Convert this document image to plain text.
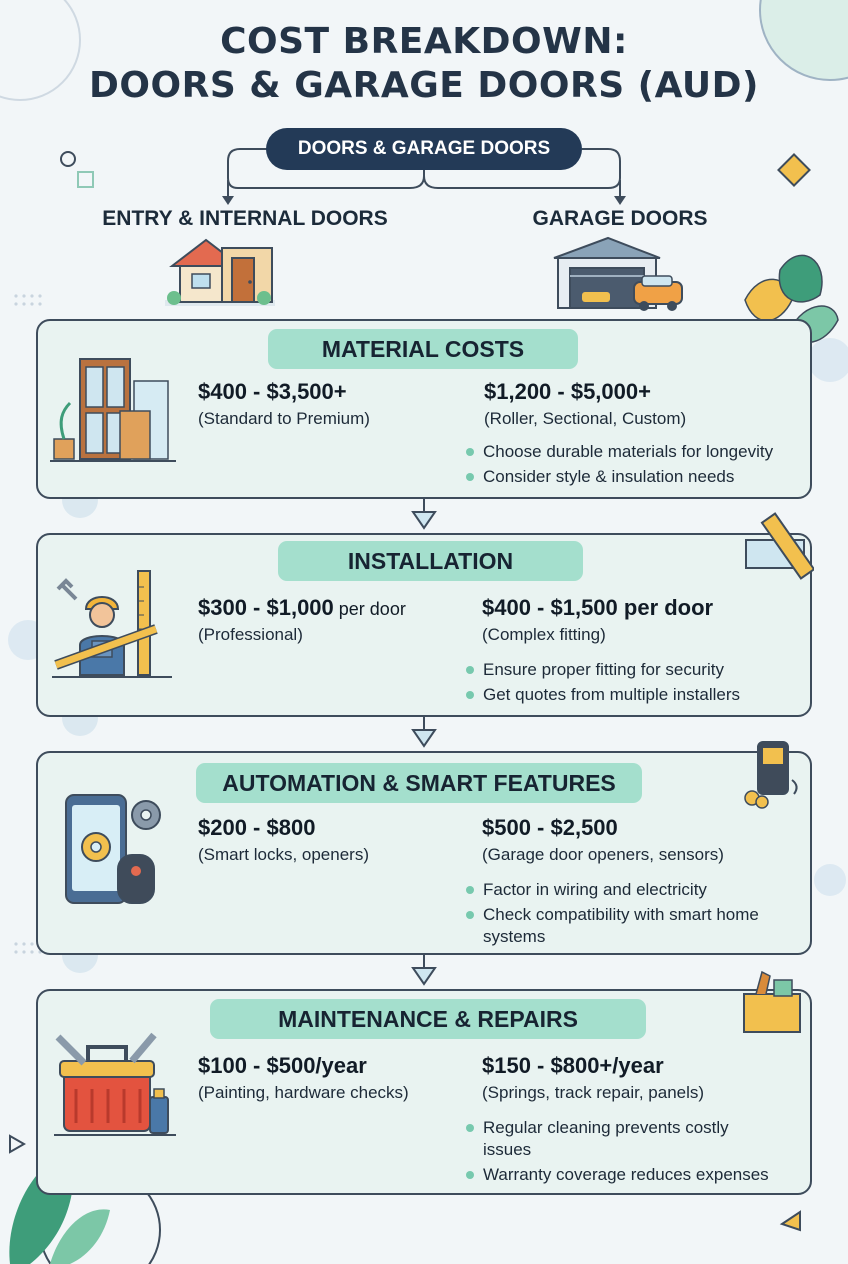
COST BREAKDOWN:
DOORS & GARAGE DOORS (AUD)
DOORS & GARAGE DOORS
ENTRY & INTERNAL DOORS	GARAGE DOORS
MATERIAL COSTS
$400 - $3,500+
(Standard to Premium)
$1,200 - $5,000+
(Roller, Sectional, Custom)
Choose durable materials for longevity
Consider style & insulation needs
INSTALLATION
$300 - $1,000 per door
(Professional)
$400 - $1,500 per door
(Complex fitting)
Ensure proper fitting for security
Get quotes from multiple installers
AUTOMATION & SMART FEATURES
$200 - $800
(Smart locks, openers)
$500 - $2,500
(Garage door openers, sensors)
Factor in wiring and electricity
Check compatibility with smart home systems
MAINTENANCE & REPAIRS
$100 - $500/year
(Painting, hardware checks)
$150 - $800+/year
(Springs, track repair, panels)
Regular cleaning prevents costly issues
Warranty coverage reduces expenses
